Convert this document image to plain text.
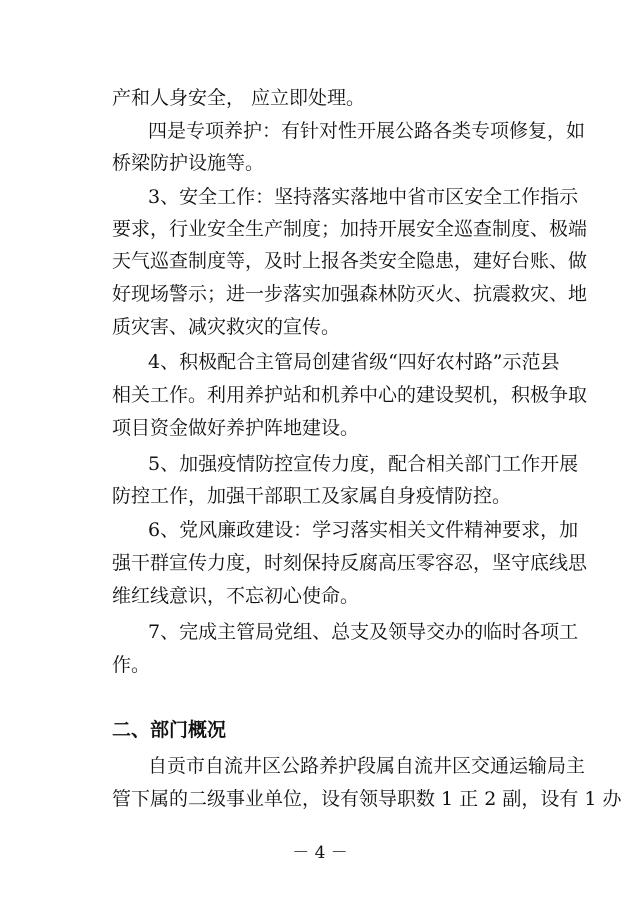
产和人身安全， 应立即处理。
四是专项养护：有针对性开展公路各类专项修复，如
桥梁防护设施等。
3、安全工作：坚持落实落地中省市区安全工作指示
要求，行业安全生产制度；加持开展安全巡查制度、极端
天气巡查制度等，及时上报各类安全隐患，建好台账、做
好现场警示；进一步落实加强森林防灭火、抗震救灾、地
质灾害、减灾救灾的宣传。
4、积极配合主管局创建省级“四好农村路”示范县
相关工作。利用养护站和机养中心的建设契机，积极争取
项目资金做好养护阵地建设。
5、加强疫情防控宣传力度，配合相关部门工作开展
防控工作，加强干部职工及家属自身疫情防控。
6、党风廉政建设：学习落实相关文件精神要求，加
强干群宣传力度，时刻保持反腐高压零容忍，坚守底线思
维红线意识，不忘初心使命。
7、完成主管局党组、总支及领导交办的临时各项工
作。
二、部门概况
自贡市自流井区公路养护段属自流井区交通运输局主
管下属的二级事业单位，设有领导职数 1 正 2 副，设有 1 办
－ 4 －
